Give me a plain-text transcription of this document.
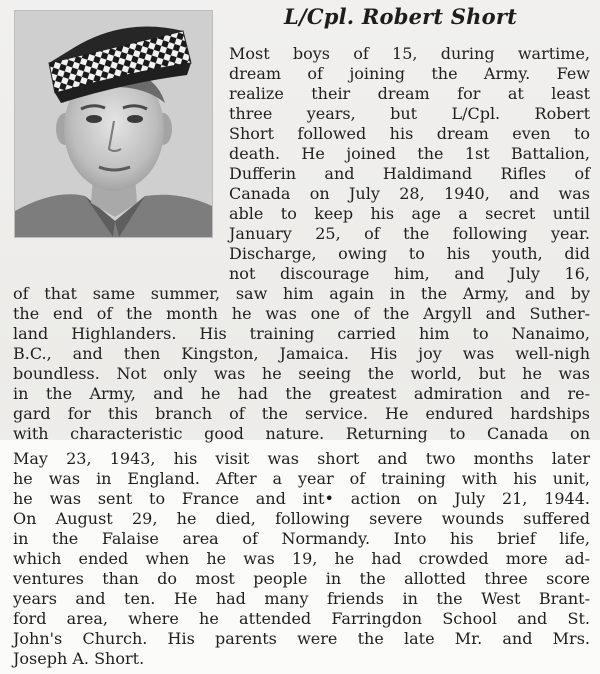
L/Cpl. Robert Short

Most boys of 15, during wartime,

dream of joining the Army. Few

realize their dream for at least

three years, but L/Cpl. Robert

Short followed his dream even to

death. He joined the 1st Battalion,

Dufferin and Haldimand Rifles of

Canada on July 28, 1940, and was

able to keep his age a secret until

January 25, of the following year.

Discharge, owing to his youth, did

not discourage him, and July 16,

of that same summer, saw him again in the Army, and by

the end of the month he was one of the Argyll and Suther-

land Highlanders. His training carried him to Nanaimo,

B.C., and then Kingston, Jamaica. His joy was well-nigh

boundless. Not only was he seeing the world, but he was

in the Army, and he had the greatest admiration and re-

gard for this branch of the service. He endured hardships

with characteristic good nature. Returning to Canada on

May 23, 1943, his visit was short and two months later

he was in England. After a year of training with his unit,

he was sent to France and int• action on July 21, 1944.

On August 29, he died, following severe wounds suffered

in the Falaise area of Normandy. Into his brief life,

which ended when he was 19, he had crowded more ad-

ventures than do most people in the allotted three score

years and ten. He had many friends in the West Brant-

ford area, where he attended Farringdon School and St.

John's Church. His parents were the late Mr. and Mrs.

Joseph A. Short.
